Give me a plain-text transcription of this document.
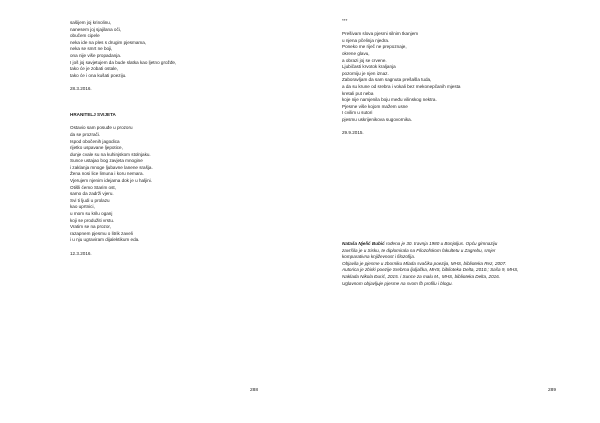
sašijem joj krinolinu,
nanesem joj sjajilana oči,
obučem cipele
neka ide na ples s drugim pjesmama,
neka se smrt ne boji,
ona nije više propadanja.
I još joj savjetujem da bude slatka kao ljetno grožđe,
tako će je zobati ostale,
tako će i ona kušati poeziju.
28.3.2016.
HRANITELJ SVIJETA
Ostavio sam posuđe u prozoru
da se prozrači.
Ispod obočenih jagodica
rijetko uspavane ljepotice,
dunje cvale su na kuhinjskom stolnjaku.
Sunce ustajao bog zavjeta mnogine
i zaklanja mnoge ljubavne lanene srašja.
Žena nosi lice limuna i koru nemara.
Vjerujem njenim idejama dok je u haljini.
Otišli ćemo Starim ost,
samo da zadrži vjeru.
Svi ti ljudi u prolazu
kao uprtnici,
u mom su krilu oganj
koji se produžiti vrstu.
Vratim se na prozor,
razapnem pjesmu o litrik zaveli
i u nju ugraviram dijalektikum eda.
12.3.2016.
288
***
Prešivam slova pjesmi silnim tkanjem
u njena pčelinja njedra.
Poneko me riječ ne prepoznaje,
okrene glavu,
a obrazi joj se crvene.
Ljubičasti krvotok kraljanja
pozorniju je njen iznaz.
Zaboravljam da sam sagnuta prešašla tuda,
a da su krune od srebra i vokali bez mekonepčanih mjesta
kretali put neba
koje nije namjenila boju među vilinskog nektra.
Pjesme više kojom mažem usne
I cvilim u sutori
pjesmu uskrijenikova sugovornika.
29.9.2015.
Nataša Njelić Bubić rođena je 30. travnja 1980 u Bonjoljus. Opću gimnaziju
završila je u Sisku, te diplomirala na Filozofskom fakultetu u Zagrebu, smjer
komparativna književnost i filozofija.
Objavila je pjesme u zborniku Mlada svačika poezija, MHS, biblioteka Rez, 2007.
Autorica je zbirki poezije Srebrna ljuljačka, MHS, biblioteka Delta, 2010.; Saša 9, MHS,
Naklada Nikola Đurić, 2015. i Sunce za malu M., MHS, biblioteka Delta, 2016.
Uglavnom objavljuje pjesme na svom fb profilu i blogu.
289
